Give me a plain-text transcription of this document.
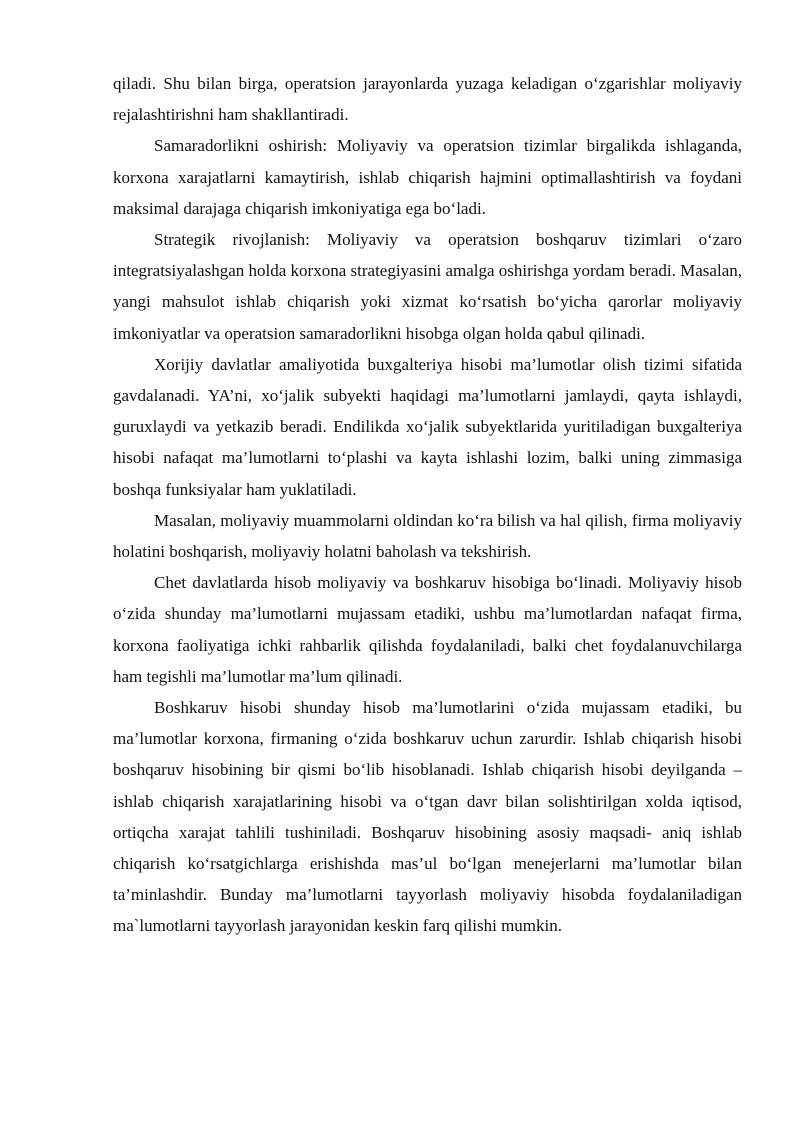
qiladi. Shu bilan birga, operatsion jarayonlarda yuzaga keladigan o‘zgarishlar moliyaviy rejalashtirishni ham shakllantiradi.

Samaradorlikni oshirish: Moliyaviy va operatsion tizimlar birgalikda ishlaganda, korxona xarajatlarni kamaytirish, ishlab chiqarish hajmini optimallashtirish va foydani maksimal darajaga chiqarish imkoniyatiga ega bo‘ladi.

Strategik rivojlanish: Moliyaviy va operatsion boshqaruv tizimlari o‘zaro integratsiyalashgan holda korxona strategiyasini amalga oshirishga yordam beradi. Masalan, yangi mahsulot ishlab chiqarish yoki xizmat ko‘rsatish bo‘yicha qarorlar moliyaviy imkoniyatlar va operatsion samaradorlikni hisobga olgan holda qabul qilinadi.

Xorijiy davlatlar amaliyotida buxgalteriya hisobi ma’lumotlar olish tizimi sifatida gavdalanadi. YA’ni, xo‘jalik subyekti haqidagi ma’lumotlarni jamlaydi, qayta ishlaydi, guruxlaydi va yetkazib beradi. Endilikda xo‘jalik subyektlarida yuritiladigan buxgalteriya hisobi nafaqat ma’lumotlarni to‘plashi va kayta ishlashi lozim, balki uning zimmasiga boshqa funksiyalar ham yuklatiladi.

Masalan, moliyaviy muammolarni oldindan ko‘ra bilish va hal qilish, firma moliyaviy holatini boshqarish, moliyaviy holatni baholash va tekshirish.

Chet davlatlarda hisob moliyaviy va boshkaruv hisobiga bo‘linadi. Moliyaviy hisob o‘zida shunday ma’lumotlarni mujassam etadiki, ushbu ma’lumotlardan nafaqat firma, korxona faoliyatiga ichki rahbarlik qilishda foydalaniladi, balki chet foydalanuvchilarga ham tegishli ma’lumotlar ma’lum qilinadi.

Boshkaruv hisobi shunday hisob ma’lumotlarini o‘zida mujassam etadiki, bu ma’lumotlar korxona, firmaning o‘zida boshkaruv uchun zarurdir. Ishlab chiqarish hisobi boshqaruv hisobining bir qismi bo‘lib hisoblanadi. Ishlab chiqarish hisobi deyilganda – ishlab chiqarish xarajatlarining hisobi va o‘tgan davr bilan solishtirilgan xolda iqtisod, ortiqcha xarajat tahlili tushiniladi. Boshqaruv hisobining asosiy maqsadi- aniq ishlab chiqarish ko‘rsatgichlarga erishishda mas’ul bo‘lgan menejerlarni ma’lumotlar bilan ta’minlashdir. Bunday ma’lumotlarni tayyorlash moliyaviy hisobda foydalaniladigan ma`lumotlarni tayyorlash jarayonidan keskin farq qilishi mumkin.
